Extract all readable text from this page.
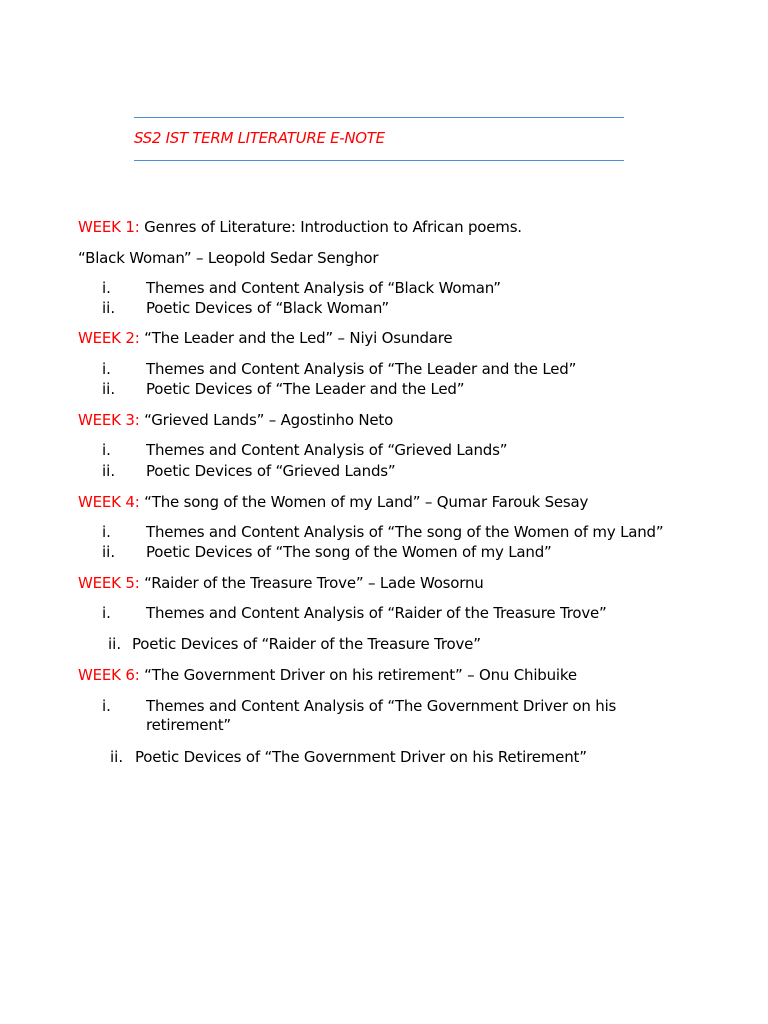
SS2 IST TERM LITERATURE E-NOTE
WEEK 1: Genres of Literature: Introduction to African poems.
“Black Woman” – Leopold Sedar Senghor
i. Themes and Content Analysis of “Black Woman”
ii. Poetic Devices of “Black Woman”
WEEK 2: “The Leader and the Led” – Niyi Osundare
i. Themes and Content Analysis of “The Leader and the Led”
ii. Poetic Devices of “The Leader and the Led”
WEEK 3: “Grieved Lands” – Agostinho Neto
i. Themes and Content Analysis of “Grieved Lands”
ii. Poetic Devices of “Grieved Lands”
WEEK 4: “The song of the Women of my Land” – Qumar Farouk Sesay
i. Themes and Content Analysis of “The song of the Women of my Land”
ii. Poetic Devices of “The song of the Women of my Land”
WEEK 5: “Raider of the Treasure Trove” – Lade Wosornu
i. Themes and Content Analysis of “Raider of the Treasure Trove”
ii. Poetic Devices of “Raider of the Treasure Trove”
WEEK 6: “The Government Driver on his retirement” – Onu Chibuike
i. Themes and Content Analysis of “The Government Driver on his
retirement”
ii. Poetic Devices of “The Government Driver on his Retirement”
